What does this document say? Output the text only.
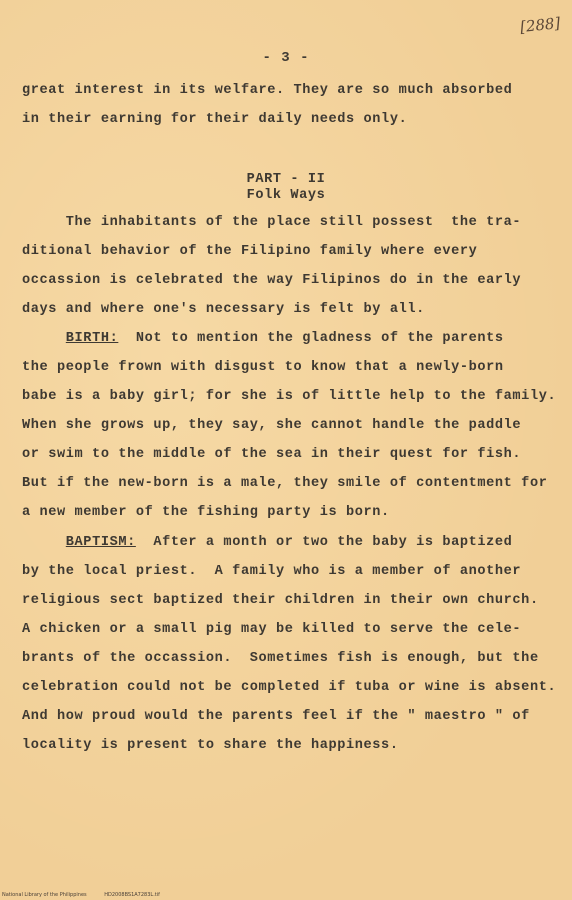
[288]
- 3 -
great interest in its welfare. They are so much absorbed
in their earning for their daily needs only.
PART - II
Folk Ways
The inhabitants of the place still possest  the tra-
ditional behavior of the Filipino family where every
occassion is celebrated the way Filipinos do in the early
days and where one's necessary is felt by all.
BIRTH:  Not to mention the gladness of the parents
the people frown with disgust to know that a newly-born
babe is a baby girl; for she is of little help to the family.
When she grows up, they say, she cannot handle the paddle
or swim to the middle of the sea in their quest for fish.
But if the new-born is a male, they smile of contentment for
a new member of the fishing party is born.
BAPTISM:  After a month or two the baby is baptized
by the local priest.  A family who is a member of another
religious sect baptized their children in their own church.
A chicken or a small pig may be killed to serve the cele-
brants of the occassion.  Sometimes fish is enough, but the
celebration could not be completed if tuba or wine is absent.
And how proud would the parents feel if the " maestro " of
locality is present to share the happiness.
National Library of the Philippines	HD2008BS1A7283L.tif
